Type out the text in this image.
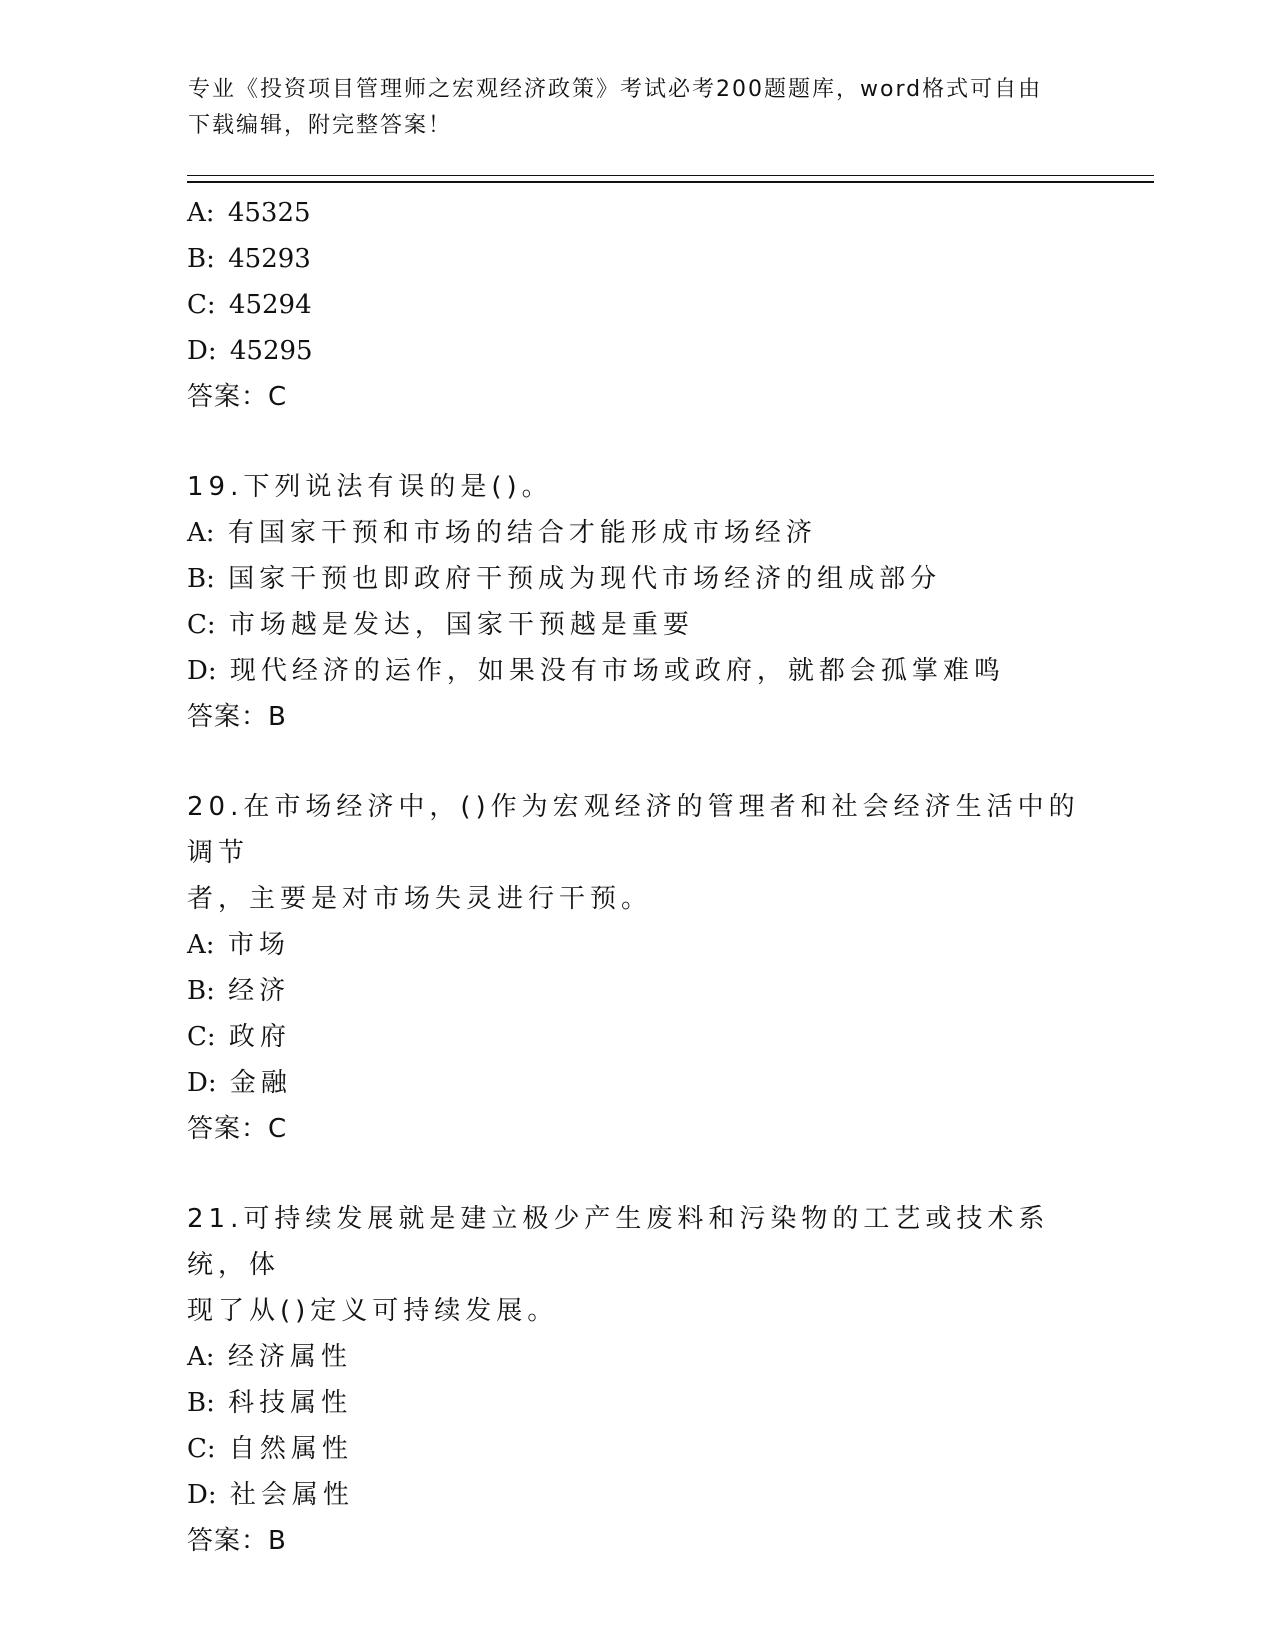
专业《投资项目管理师之宏观经济政策》考试必考200题题库，word格式可自由
下载编辑，附完整答案！
A: 45325
B: 45293
C: 45294
D: 45295
答案：C
19.下列说法有误的是()。
A: 有国家干预和市场的结合才能形成市场经济
B: 国家干预也即政府干预成为现代市场经济的组成部分
C: 市场越是发达，国家干预越是重要
D: 现代经济的运作，如果没有市场或政府，就都会孤掌难鸣
答案：B
20.在市场经济中，()作为宏观经济的管理者和社会经济生活中的调节
者，主要是对市场失灵进行干预。
A: 市场
B: 经济
C: 政府
D: 金融
答案：C
21.可持续发展就是建立极少产生废料和污染物的工艺或技术系统，体
现了从()定义可持续发展。
A: 经济属性
B: 科技属性
C: 自然属性
D: 社会属性
答案：B
